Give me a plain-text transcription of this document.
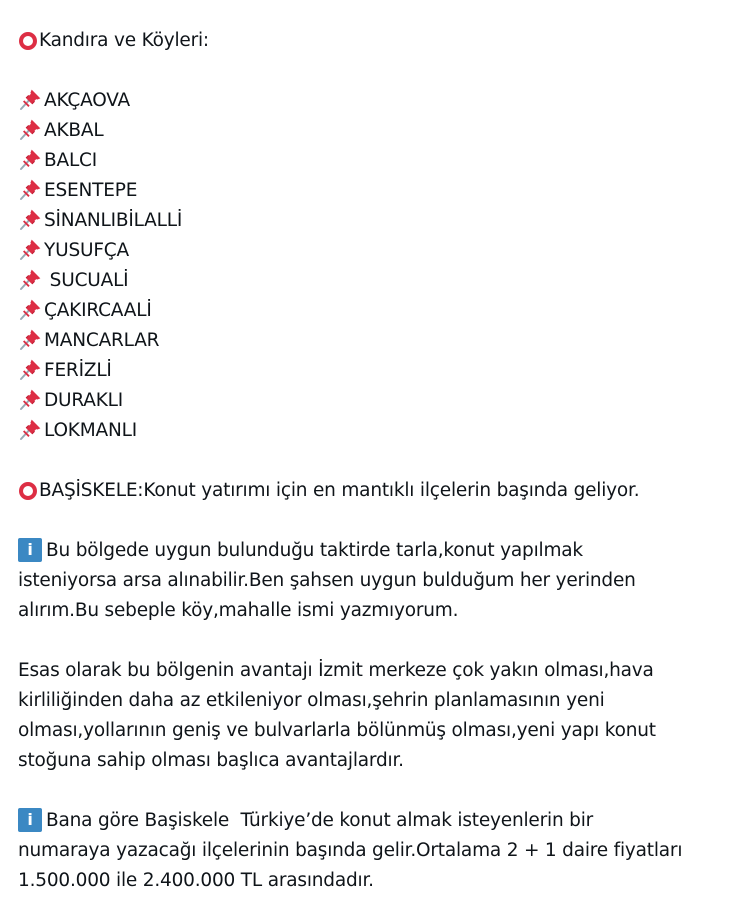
Kandıra ve Köyleri:
AKÇAOVA
AKBAL
BALCI
ESENTEPE
SİNANLIBİLALLİ
YUSUFÇA
SUCUALİ
ÇAKIRCAALİ
MANCARLAR
FERİZLİ
DURAKLI
LOKMANLI
BAŞİSKELE:Konut yatırımı için en mantıklı ilçelerin başında geliyor.
i Bu bölgede uygun bulunduğu taktirde tarla,konut yapılmak
isteniyorsa arsa alınabilir.Ben şahsen uygun bulduğum her yerinden
alırım.Bu sebeple köy,mahalle ismi yazmıyorum.
Esas olarak bu bölgenin avantajı İzmit merkeze çok yakın olması,hava
kirliliğinden daha az etkileniyor olması,şehrin planlamasının yeni
olması,yollarının geniş ve bulvarlarla bölünmüş olması,yeni yapı konut
stoğuna sahip olması başlıca avantajlardır.
i Bana göre Başiskele  Türkiye’de konut almak isteyenlerin bir
numaraya yazacağı ilçelerinin başında gelir.Ortalama 2 + 1 daire fiyatları
1.500.000 ile 2.400.000 TL arasındadır.
